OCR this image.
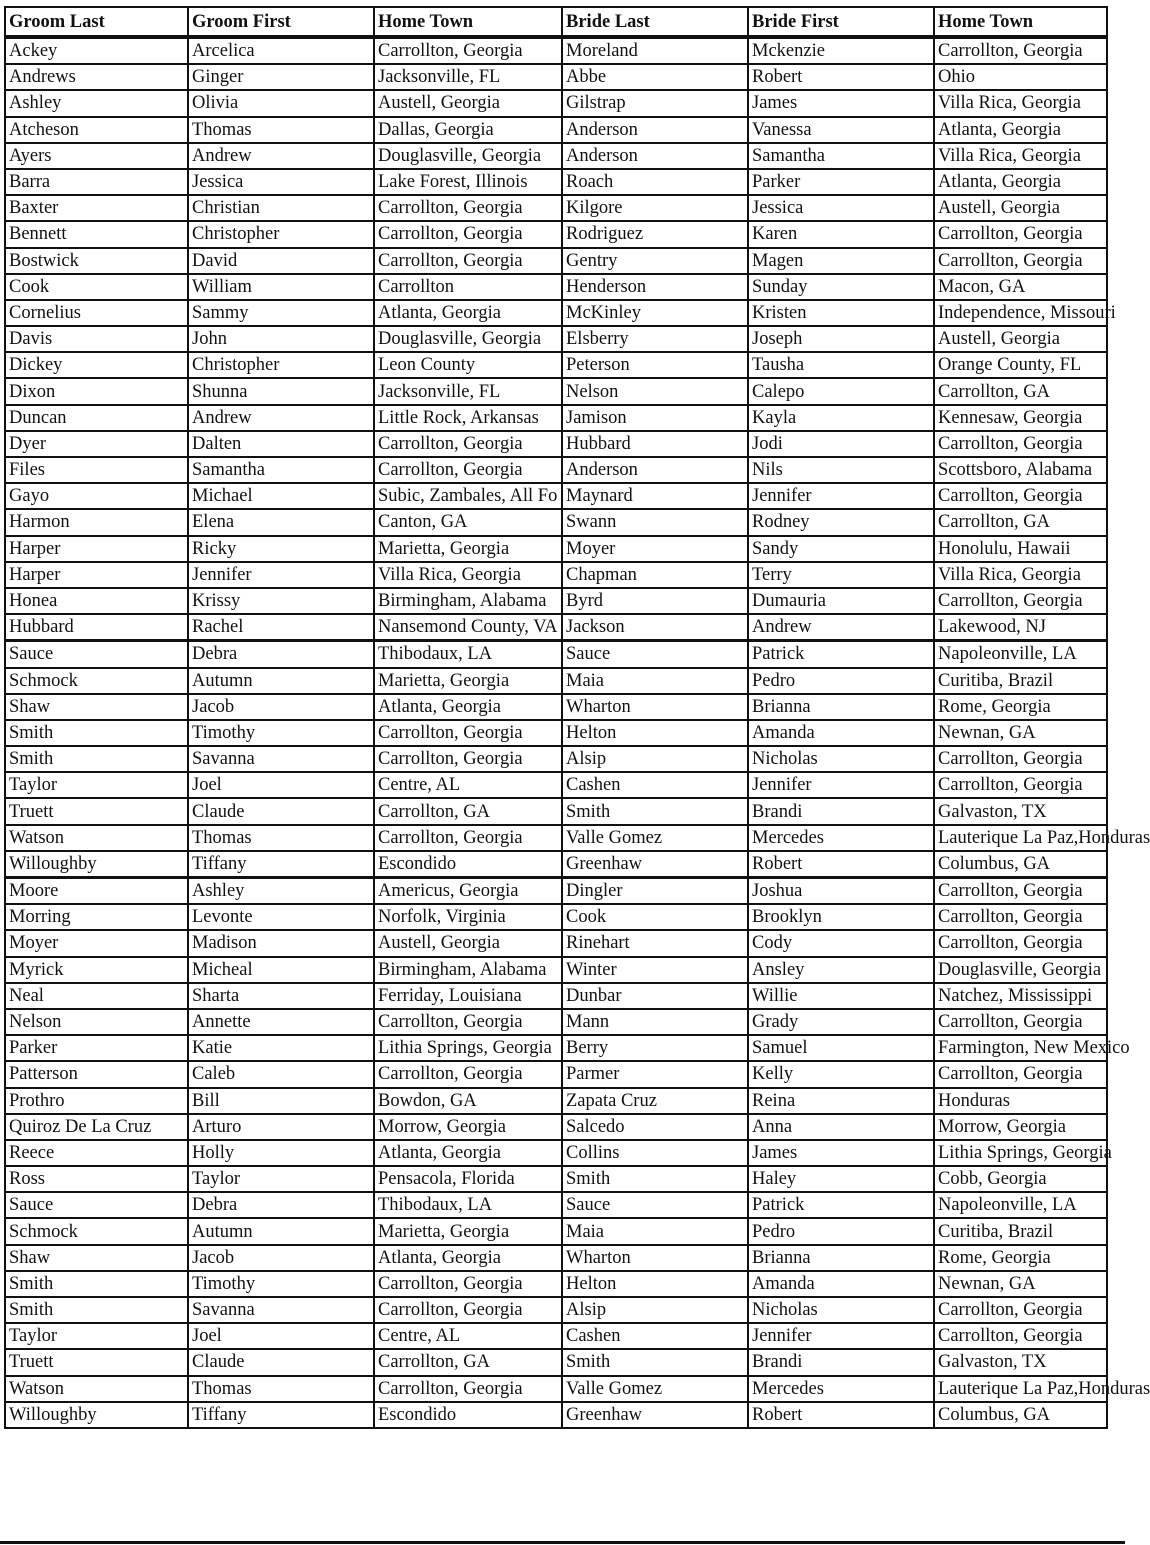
Groom Last	Groom First	Home Town	Bride Last	Bride First	Home Town
Ackey	Arcelica	Carrollton, Georgia	Moreland	Mckenzie	Carrollton, Georgia
Andrews	Ginger	Jacksonville, FL	Abbe	Robert	Ohio
Ashley	Olivia	Austell, Georgia	Gilstrap	James	Villa Rica, Georgia
Atcheson	Thomas	Dallas, Georgia	Anderson	Vanessa	Atlanta, Georgia
Ayers	Andrew	Douglasville, Georgia	Anderson	Samantha	Villa Rica, Georgia
Barra	Jessica	Lake Forest, Illinois	Roach	Parker	Atlanta, Georgia
Baxter	Christian	Carrollton, Georgia	Kilgore	Jessica	Austell, Georgia
Bennett	Christopher	Carrollton, Georgia	Rodriguez	Karen	Carrollton, Georgia
Bostwick	David	Carrollton, Georgia	Gentry	Magen	Carrollton, Georgia
Cook	William	Carrollton	Henderson	Sunday	Macon, GA
Cornelius	Sammy	Atlanta, Georgia	McKinley	Kristen	Independence, Missouri
Davis	John	Douglasville, Georgia	Elsberry	Joseph	Austell, Georgia
Dickey	Christopher	Leon County	Peterson	Tausha	Orange County, FL
Dixon	Shunna	Jacksonville, FL	Nelson	Calepo	Carrollton, GA
Duncan	Andrew	Little Rock, Arkansas	Jamison	Kayla	Kennesaw, Georgia
Dyer	Dalten	Carrollton, Georgia	Hubbard	Jodi	Carrollton, Georgia
Files	Samantha	Carrollton, Georgia	Anderson	Nils	Scottsboro, Alabama
Gayo	Michael	Subic, Zambales, All Fo	Maynard	Jennifer	Carrollton, Georgia
Harmon	Elena	Canton, GA	Swann	Rodney	Carrollton, GA
Harper	Ricky	Marietta, Georgia	Moyer	Sandy	Honolulu, Hawaii
Harper	Jennifer	Villa Rica, Georgia	Chapman	Terry	Villa Rica, Georgia
Honea	Krissy	Birmingham, Alabama	Byrd	Dumauria	Carrollton, Georgia
Hubbard	Rachel	Nansemond County, VA	Jackson	Andrew	Lakewood, NJ
Sauce	Debra	Thibodaux, LA	Sauce	Patrick	Napoleonville, LA
Schmock	Autumn	Marietta, Georgia	Maia	Pedro	Curitiba, Brazil
Shaw	Jacob	Atlanta, Georgia	Wharton	Brianna	Rome, Georgia
Smith	Timothy	Carrollton, Georgia	Helton	Amanda	Newnan, GA
Smith	Savanna	Carrollton, Georgia	Alsip	Nicholas	Carrollton, Georgia
Taylor	Joel	Centre, AL	Cashen	Jennifer	Carrollton, Georgia
Truett	Claude	Carrollton, GA	Smith	Brandi	Galvaston, TX
Watson	Thomas	Carrollton, Georgia	Valle Gomez	Mercedes	Lauterique La Paz,Honduras
Willoughby	Tiffany	Escondido	Greenhaw	Robert	Columbus, GA
Moore	Ashley	Americus, Georgia	Dingler	Joshua	Carrollton, Georgia
Morring	Levonte	Norfolk, Virginia	Cook	Brooklyn	Carrollton, Georgia
Moyer	Madison	Austell, Georgia	Rinehart	Cody	Carrollton, Georgia
Myrick	Micheal	Birmingham, Alabama	Winter	Ansley	Douglasville, Georgia
Neal	Sharta	Ferriday, Louisiana	Dunbar	Willie	Natchez, Mississippi
Nelson	Annette	Carrollton, Georgia	Mann	Grady	Carrollton, Georgia
Parker	Katie	Lithia Springs, Georgia	Berry	Samuel	Farmington, New Mexico
Patterson	Caleb	Carrollton, Georgia	Parmer	Kelly	Carrollton, Georgia
Prothro	Bill	Bowdon, GA	Zapata Cruz	Reina	Honduras
Quiroz De La Cruz	Arturo	Morrow, Georgia	Salcedo	Anna	Morrow, Georgia
Reece	Holly	Atlanta, Georgia	Collins	James	Lithia Springs, Georgia
Ross	Taylor	Pensacola, Florida	Smith	Haley	Cobb, Georgia
Sauce	Debra	Thibodaux, LA	Sauce	Patrick	Napoleonville, LA
Schmock	Autumn	Marietta, Georgia	Maia	Pedro	Curitiba, Brazil
Shaw	Jacob	Atlanta, Georgia	Wharton	Brianna	Rome, Georgia
Smith	Timothy	Carrollton, Georgia	Helton	Amanda	Newnan, GA
Smith	Savanna	Carrollton, Georgia	Alsip	Nicholas	Carrollton, Georgia
Taylor	Joel	Centre, AL	Cashen	Jennifer	Carrollton, Georgia
Truett	Claude	Carrollton, GA	Smith	Brandi	Galvaston, TX
Watson	Thomas	Carrollton, Georgia	Valle Gomez	Mercedes	Lauterique La Paz,Honduras
Willoughby	Tiffany	Escondido	Greenhaw	Robert	Columbus, GA
